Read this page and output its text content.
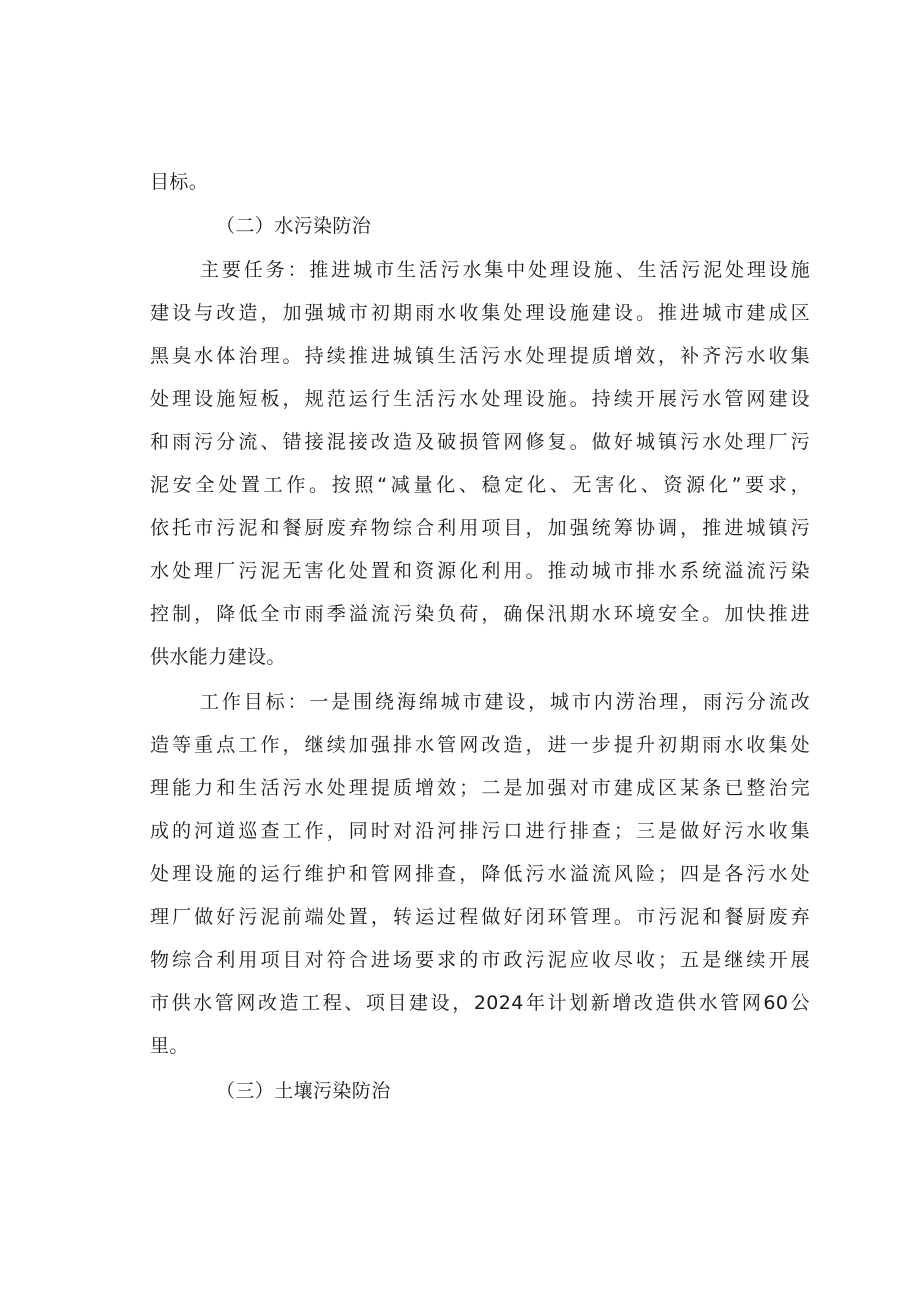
目标。
（二）水污染防治
主要任务：推进城市生活污水集中处理设施、生活污泥处理设施
建设与改造，加强城市初期雨水收集处理设施建设。推进城市建成区
黑臭水体治理。持续推进城镇生活污水处理提质增效，补齐污水收集
处理设施短板，规范运行生活污水处理设施。持续开展污水管网建设
和雨污分流、错接混接改造及破损管网修复。做好城镇污水处理厂污
泥安全处置工作。按照“减量化、稳定化、无害化、资源化”要求，
依托市污泥和餐厨废弃物综合利用项目，加强统筹协调，推进城镇污
水处理厂污泥无害化处置和资源化利用。推动城市排水系统溢流污染
控制，降低全市雨季溢流污染负荷，确保汛期水环境安全。加快推进
供水能力建设。
工作目标：一是围绕海绵城市建设，城市内涝治理，雨污分流改
造等重点工作，继续加强排水管网改造，进一步提升初期雨水收集处
理能力和生活污水处理提质增效；二是加强对市建成区某条已整治完
成的河道巡查工作，同时对沿河排污口进行排查；三是做好污水收集
处理设施的运行维护和管网排查，降低污水溢流风险；四是各污水处
理厂做好污泥前端处置，转运过程做好闭环管理。市污泥和餐厨废弃
物综合利用项目对符合进场要求的市政污泥应收尽收；五是继续开展
市供水管网改造工程、项目建设，2024年计划新增改造供水管网60公
里。
（三）土壤污染防治
